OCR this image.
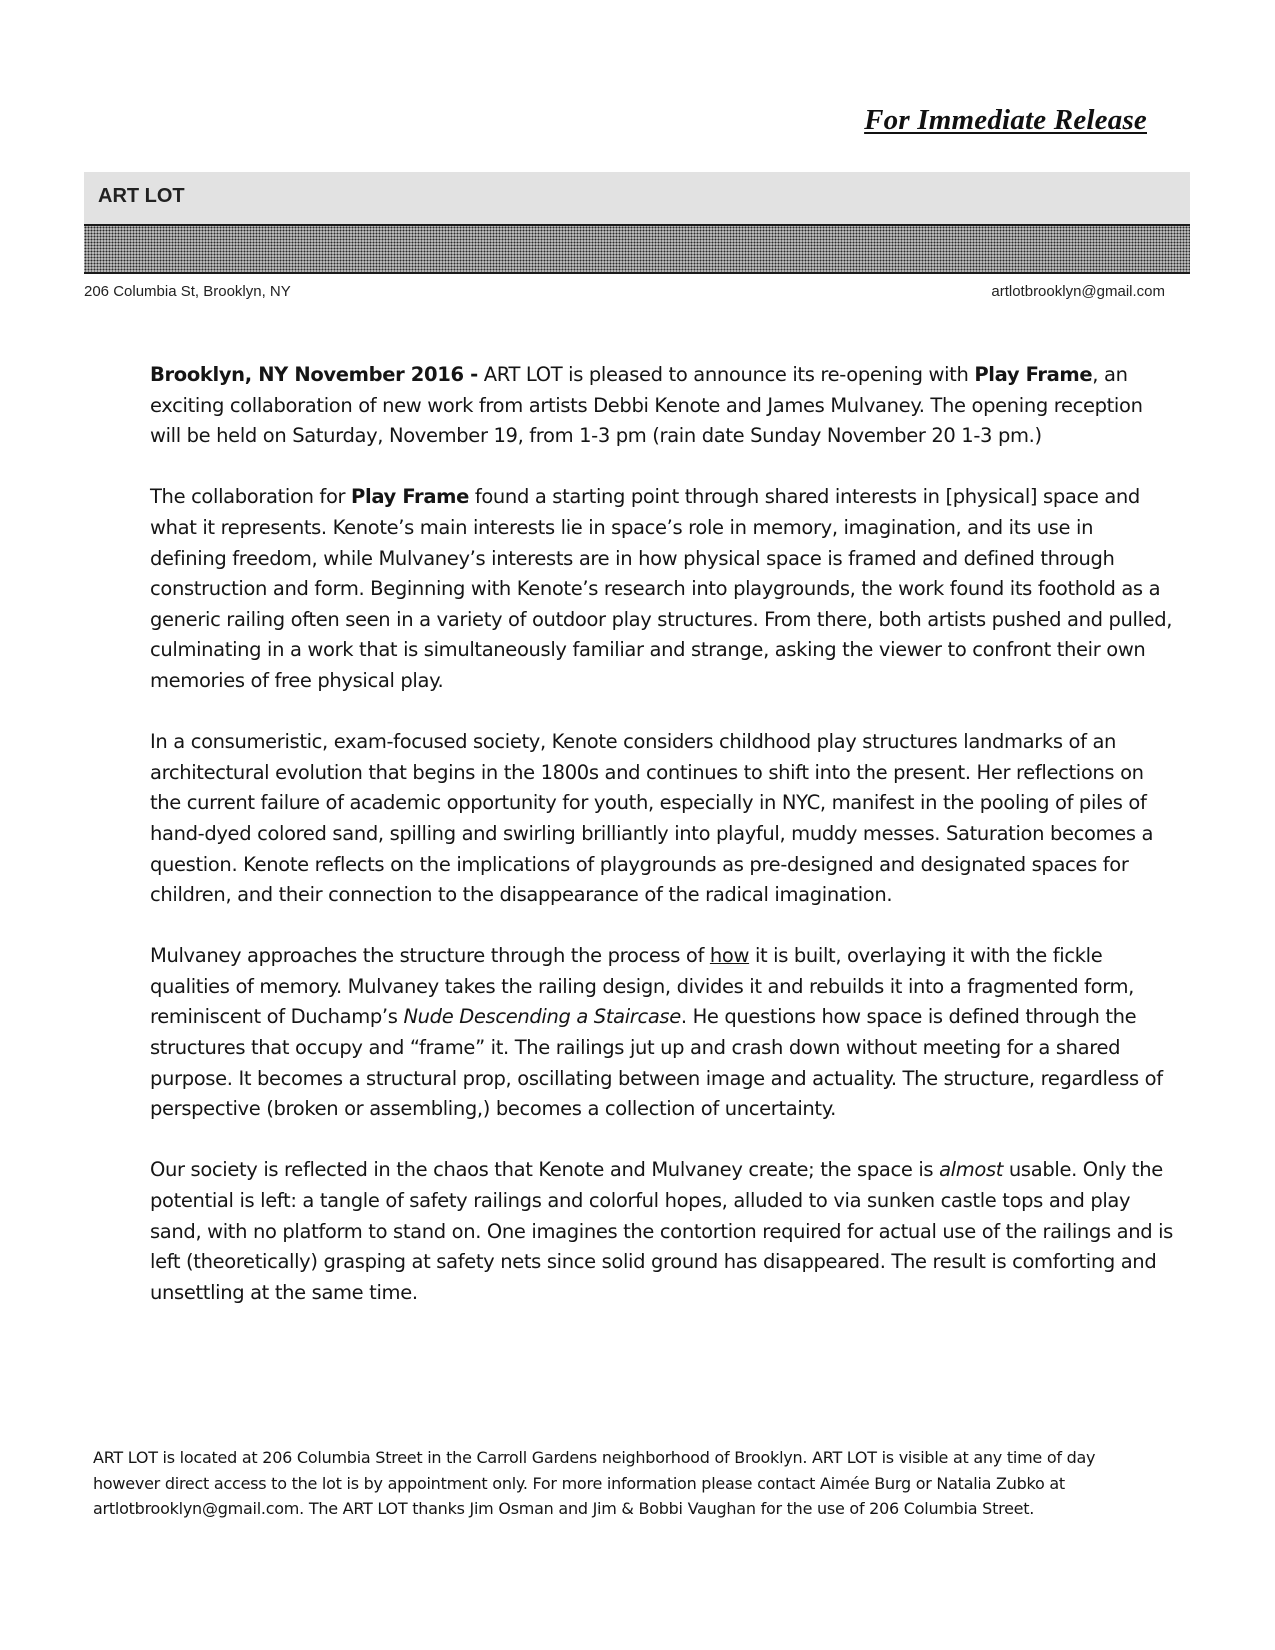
For Immediate Release
ART LOT
206 Columbia St, Brooklyn, NY	artlotbrooklyn@gmail.com

Brooklyn, NY November 2016 - ART LOT is pleased to announce its re-opening with Play Frame, an exciting collaboration of new work from artists Debbi Kenote and James Mulvaney. The opening reception will be held on Saturday, November 19, from 1-3 pm (rain date Sunday November 20 1-3 pm.)

The collaboration for Play Frame found a starting point through shared interests in [physical] space and what it represents. Kenote’s main interests lie in space’s role in memory, imagination, and its use in defining freedom, while Mulvaney’s interests are in how physical space is framed and defined through construction and form. Beginning with Kenote’s research into playgrounds, the work found its foothold as a generic railing often seen in a variety of outdoor play structures. From there, both artists pushed and pulled, culminating in a work that is simultaneously familiar and strange, asking the viewer to confront their own memories of free physical play.

In a consumeristic, exam-focused society, Kenote considers childhood play structures landmarks of an architectural evolution that begins in the 1800s and continues to shift into the present. Her reflections on the current failure of academic opportunity for youth, especially in NYC, manifest in the pooling of piles of hand-dyed colored sand, spilling and swirling brilliantly into playful, muddy messes. Saturation becomes a question. Kenote reflects on the implications of playgrounds as pre-designed and designated spaces for children, and their connection to the disappearance of the radical imagination.

Mulvaney approaches the structure through the process of how it is built, overlaying it with the fickle qualities of memory. Mulvaney takes the railing design, divides it and rebuilds it into a fragmented form, reminiscent of Duchamp’s Nude Descending a Staircase. He questions how space is defined through the structures that occupy and “frame” it. The railings jut up and crash down without meeting for a shared purpose. It becomes a structural prop, oscillating between image and actuality. The structure, regardless of perspective (broken or assembling,) becomes a collection of uncertainty.

Our society is reflected in the chaos that Kenote and Mulvaney create; the space is almost usable. Only the potential is left: a tangle of safety railings and colorful hopes, alluded to via sunken castle tops and play sand, with no platform to stand on. One imagines the contortion required for actual use of the railings and is left (theoretically) grasping at safety nets since solid ground has disappeared. The result is comforting and unsettling at the same time.

ART LOT is located at 206 Columbia Street in the Carroll Gardens neighborhood of Brooklyn. ART LOT is visible at any time of day however direct access to the lot is by appointment only. For more information please contact Aimée Burg or Natalia Zubko at artlotbrooklyn@gmail.com. The ART LOT thanks Jim Osman and Jim & Bobbi Vaughan for the use of 206 Columbia Street.
